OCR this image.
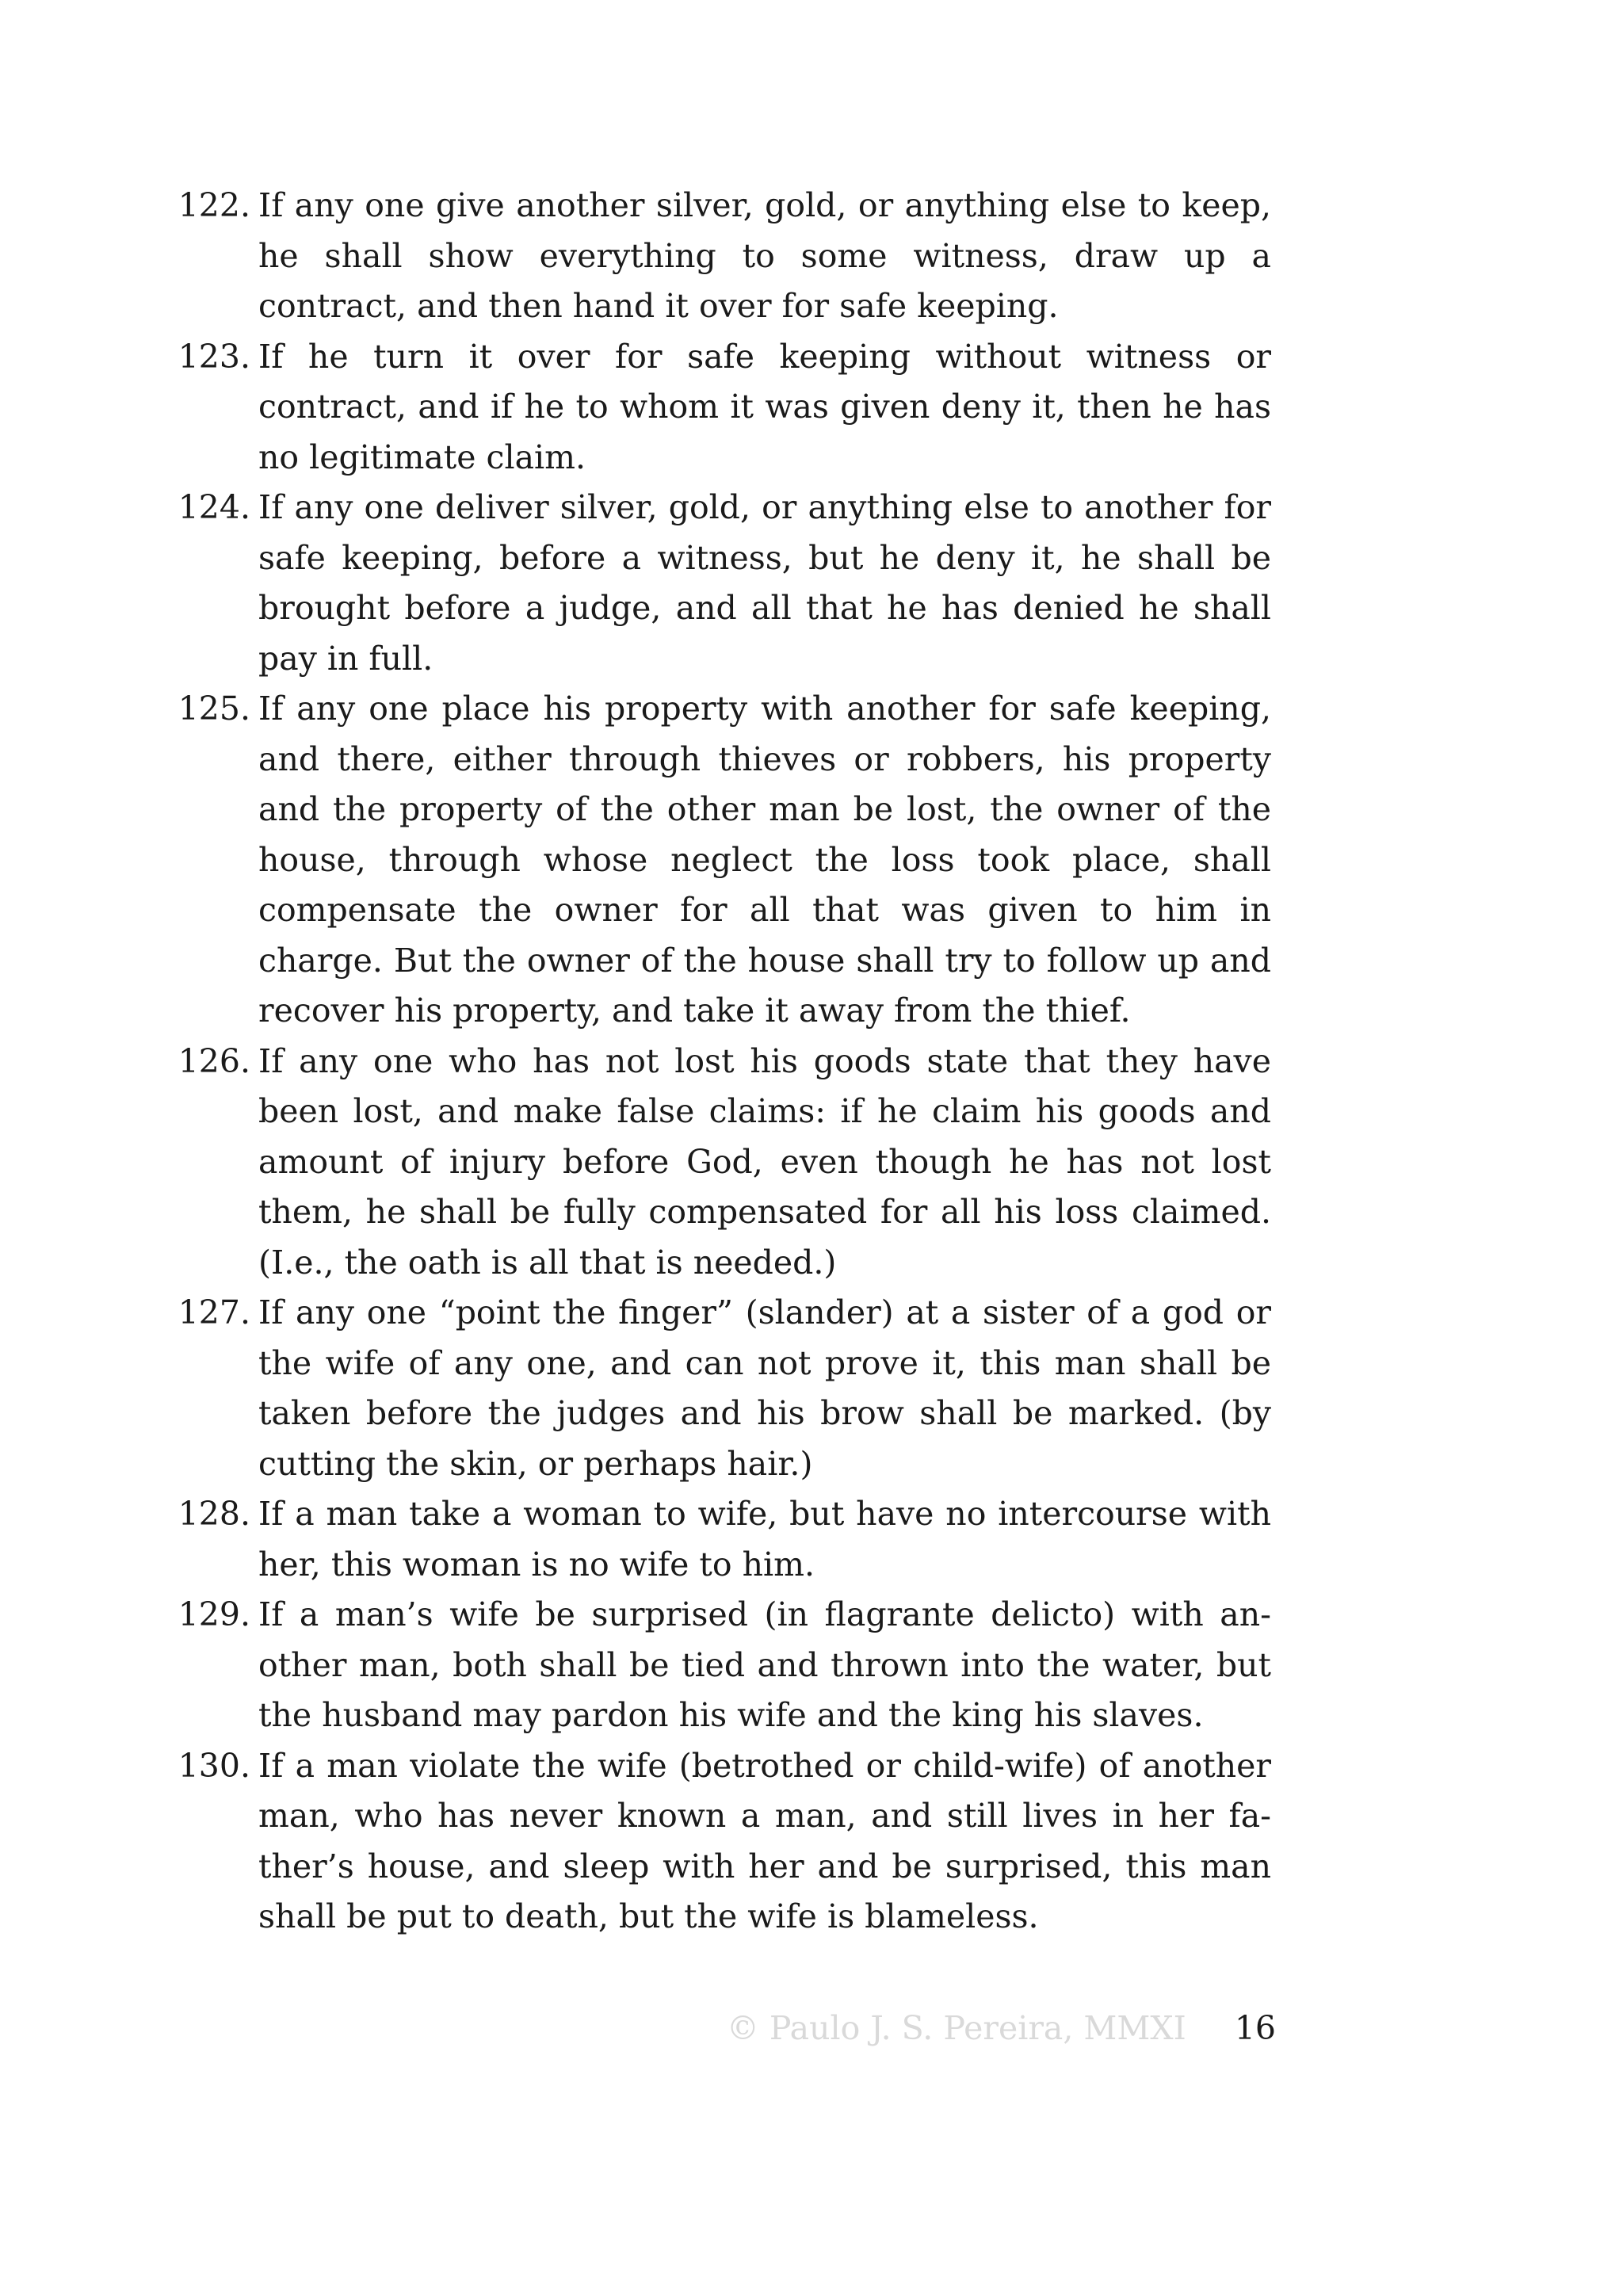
122. If any one give another silver, gold, or anything else to keep, he shall show everything to some witness, draw up a contract, and then hand it over for safe keeping.
123. If he turn it over for safe keeping without witness or contract, and if he to whom it was given deny it, then he has no legitimate claim.
124. If any one deliver silver, gold, or anything else to another for safe keeping, before a witness, but he deny it, he shall be brought before a judge, and all that he has denied he shall pay in full.
125. If any one place his property with another for safe keeping, and there, either through thieves or robbers, his property and the property of the other man be lost, the owner of the house, through whose neglect the loss took place, shall compensate the owner for all that was given to him in charge. But the owner of the house shall try to follow up and recover his property, and take it away from the thief.
126. If any one who has not lost his goods state that they have been lost, and make false claims: if he claim his goods and amount of injury before God, even though he has not lost them, he shall be fully compensated for all his loss claimed. (I.e., the oath is all that is needed.)
127. If any one “point the finger” (slander) at a sister of a god or the wife of any one, and can not prove it, this man shall be taken before the judges and his brow shall be marked. (by cutting the skin, or perhaps hair.)
128. If a man take a woman to wife, but have no intercourse with her, this woman is no wife to him.
129. If a man’s wife be surprised (in flagrante delicto) with another man, both shall be tied and thrown into the water, but the husband may pardon his wife and the king his slaves.
130. If a man violate the wife (betrothed or child-wife) of another man, who has never known a man, and still lives in her father’s house, and sleep with her and be surprised, this man shall be put to death, but the wife is blameless.
© Paulo J. S. Pereira, MMXI 16
